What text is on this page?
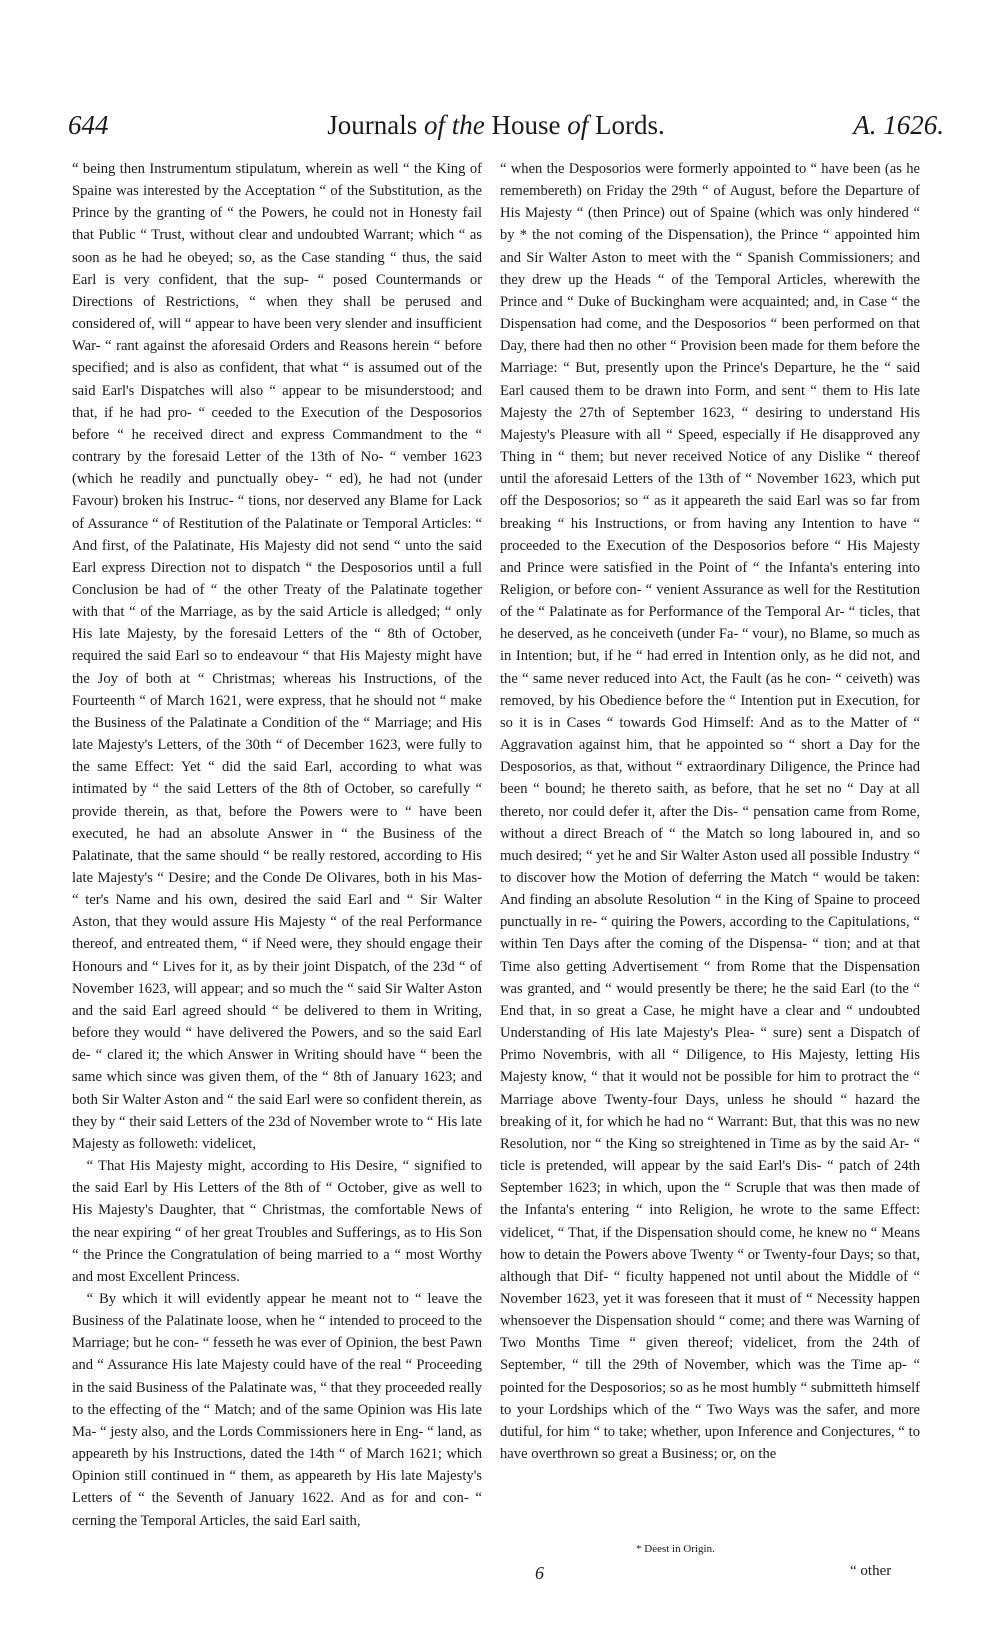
644	Journals of the House of Lords.	A. 1626.

“ being then Instrumentum stipulatum, wherein as well “ the King of Spaine was interested by the Acceptation “ of the Substitution, as the Prince by the granting of “ the Powers, he could not in Honesty fail that Public “ Trust, without clear and undoubted Warrant; which “ as soon as he had he obeyed; so, as the Case standing “ thus, the said Earl is very confident, that the sup- “ posed Countermands or Directions of Restrictions, “ when they shall be perused and considered of, will “ appear to have been very slender and insufficient War- “ rant against the aforesaid Orders and Reasons herein “ before specified; and is also as confident, that what “ is assumed out of the said Earl's Dispatches will also “ appear to be misunderstood; and that, if he had pro- “ ceeded to the Execution of the Desposorios before “ he received direct and express Commandment to the “ contrary by the foresaid Letter of the 13th of No- “ vember 1623 (which he readily and punctually obey- “ ed), he had not (under Favour) broken his Instruc- “ tions, nor deserved any Blame for Lack of Assurance “ of Restitution of the Palatinate or Temporal Articles: “ And first, of the Palatinate, His Majesty did not send “ unto the said Earl express Direction not to dispatch “ the Desposorios until a full Conclusion be had of “ the other Treaty of the Palatinate together with that “ of the Marriage, as by the said Article is alledged; “ only His late Majesty, by the foresaid Letters of the “ 8th of October, required the said Earl so to endeavour “ that His Majesty might have the Joy of both at “ Christmas; whereas his Instructions, of the Fourteenth “ of March 1621, were express, that he should not “ make the Business of the Palatinate a Condition of the “ Marriage; and His late Majesty's Letters, of the 30th “ of December 1623, were fully to the same Effect: Yet “ did the said Earl, according to what was intimated by “ the said Letters of the 8th of October, so carefully “ provide therein, as that, before the Powers were to “ have been executed, he had an absolute Answer in “ the Business of the Palatinate, that the same should “ be really restored, according to His late Majesty's “ Desire; and the Conde De Olivares, both in his Mas- “ ter's Name and his own, desired the said Earl and “ Sir Walter Aston, that they would assure His Majesty “ of the real Performance thereof, and entreated them, “ if Need were, they should engage their Honours and “ Lives for it, as by their joint Dispatch, of the 23d “ of November 1623, will appear; and so much the “ said Sir Walter Aston and the said Earl agreed should “ be delivered to them in Writing, before they would “ have delivered the Powers, and so the said Earl de- “ clared it; the which Answer in Writing should have “ been the same which since was given them, of the “ 8th of January 1623; and both Sir Walter Aston and “ the said Earl were so confident therein, as they by “ their said Letters of the 23d of November wrote to “ His late Majesty as followeth: videlicet,

“ That His Majesty might, according to His Desire, “ signified to the said Earl by His Letters of the 8th of “ October, give as well to His Majesty's Daughter, that “ Christmas, the comfortable News of the near expiring “ of her great Troubles and Sufferings, as to His Son “ the Prince the Congratulation of being married to a “ most Worthy and most Excellent Princess.

“ By which it will evidently appear he meant not to “ leave the Business of the Palatinate loose, when he “ intended to proceed to the Marriage; but he con- “ fesseth he was ever of Opinion, the best Pawn and “ Assurance His late Majesty could have of the real “ Proceeding in the said Business of the Palatinate was, “ that they proceeded really to the effecting of the “ Match; and of the same Opinion was His late Ma- “ jesty also, and the Lords Commissioners here in Eng- “ land, as appeareth by his Instructions, dated the 14th “ of March 1621; which Opinion still continued in “ them, as appeareth by His late Majesty's Letters of “ the Seventh of January 1622. And as for and con- “ cerning the Temporal Articles, the said Earl saith,

“ when the Desposorios were formerly appointed to “ have been (as he remembereth) on Friday the 29th “ of August, before the Departure of His Majesty “ (then Prince) out of Spaine (which was only hindered “ by * the not coming of the Dispensation), the Prince “ appointed him and Sir Walter Aston to meet with the “ Spanish Commissioners; and they drew up the Heads “ of the Temporal Articles, wherewith the Prince and “ Duke of Buckingham were acquainted; and, in Case “ the Dispensation had come, and the Desposorios “ been performed on that Day, there had then no other “ Provision been made for them before the Marriage: “ But, presently upon the Prince's Departure, he the “ said Earl caused them to be drawn into Form, and sent “ them to His late Majesty the 27th of September 1623, “ desiring to understand His Majesty's Pleasure with all “ Speed, especially if He disapproved any Thing in “ them; but never received Notice of any Dislike “ thereof until the aforesaid Letters of the 13th of “ November 1623, which put off the Desposorios; so “ as it appeareth the said Earl was so far from breaking “ his Instructions, or from having any Intention to have “ proceeded to the Execution of the Desposorios before “ His Majesty and Prince were satisfied in the Point of “ the Infanta's entering into Religion, or before con- “ venient Assurance as well for the Restitution of the “ Palatinate as for Performance of the Temporal Ar- “ ticles, that he deserved, as he conceiveth (under Fa- “ vour), no Blame, so much as in Intention; but, if he “ had erred in Intention only, as he did not, and the “ same never reduced into Act, the Fault (as he con- “ ceiveth) was removed, by his Obedience before the “ Intention put in Execution, for so it is in Cases “ towards God Himself: And as to the Matter of “ Aggravation against him, that he appointed so “ short a Day for the Desposorios, as that, without “ extraordinary Diligence, the Prince had been “ bound; he thereto saith, as before, that he set no “ Day at all thereto, nor could defer it, after the Dis- “ pensation came from Rome, without a direct Breach of “ the Match so long laboured in, and so much desired; “ yet he and Sir Walter Aston used all possible Industry “ to discover how the Motion of deferring the Match “ would be taken: And finding an absolute Resolution “ in the King of Spaine to proceed punctually in re- “ quiring the Powers, according to the Capitulations, “ within Ten Days after the coming of the Dispensa- “ tion; and at that Time also getting Advertisement “ from Rome that the Dispensation was granted, and “ would presently be there; he the said Earl (to the “ End that, in so great a Case, he might have a clear and “ undoubted Understanding of His late Majesty's Plea- “ sure) sent a Dispatch of Primo Novembris, with all “ Diligence, to His Majesty, letting His Majesty know, “ that it would not be possible for him to protract the “ Marriage above Twenty-four Days, unless he should “ hazard the breaking of it, for which he had no “ Warrant: But, that this was no new Resolution, nor “ the King so streightened in Time as by the said Ar- “ ticle is pretended, will appear by the said Earl's Dis- “ patch of 24th September 1623; in which, upon the “ Scruple that was then made of the Infanta's entering “ into Religion, he wrote to the same Effect: videlicet, “ That, if the Dispensation should come, he knew no “ Means how to detain the Powers above Twenty “ or Twenty-four Days; so that, although that Dif- “ ficulty happened not until about the Middle of “ November 1623, yet it was foreseen that it must of “ Necessity happen whensoever the Dispensation should “ come; and there was Warning of Two Months Time “ given thereof; videlicet, from the 24th of September, “ till the 29th of November, which was the Time ap- “ pointed for the Desposorios; so as he most humbly “ submitteth himself to your Lordships which of the “ Two Ways was the safer, and more dutiful, for him “ to take; whether, upon Inference and Conjectures, “ to have overthrown so great a Business; or, on the

* Deest in Origin.
6	“ other
